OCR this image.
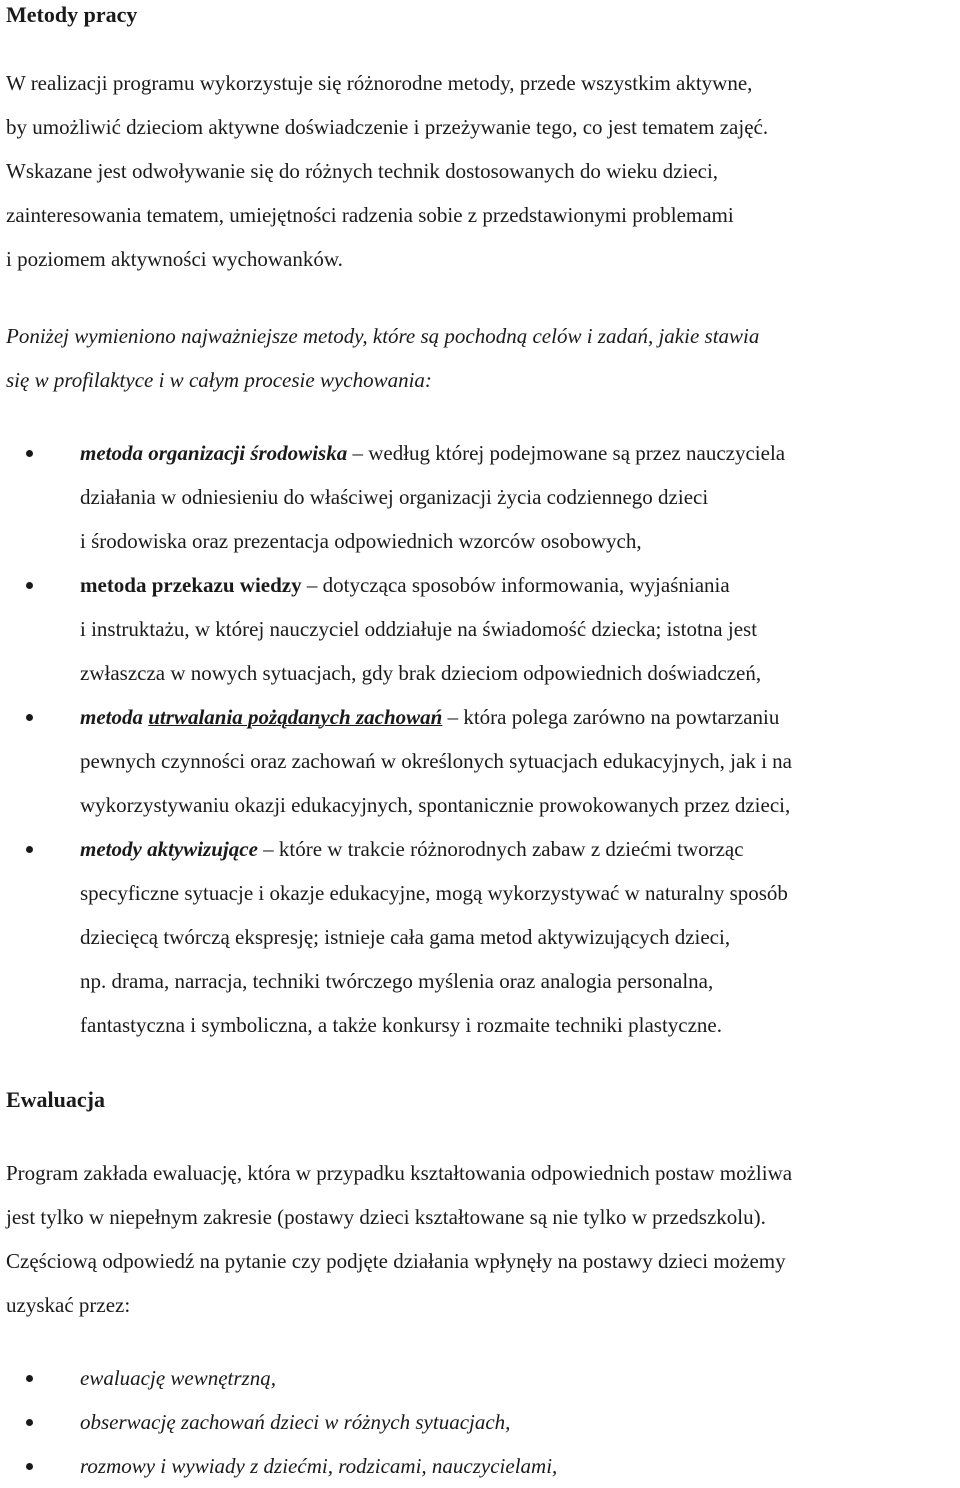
Metody pracy

W realizacji programu wykorzystuje się różnorodne metody, przede wszystkim aktywne,
by umożliwić dzieciom aktywne doświadczenie i przeżywanie tego, co jest tematem zajęć.
Wskazane jest odwoływanie się do różnych technik dostosowanych do wieku dzieci,
zainteresowania tematem, umiejętności radzenia sobie z przedstawionymi problemami
i poziomem aktywności wychowanków.

Poniżej wymieniono najważniejsze metody, które są pochodną celów i zadań, jakie stawia
się w profilaktyce i w całym procesie wychowania:

metoda organizacji środowiska – według której podejmowane są przez nauczyciela
działania w odniesieniu do właściwej organizacji życia codziennego dzieci
i środowiska oraz prezentacja odpowiednich wzorców osobowych,
metoda przekazu wiedzy – dotycząca sposobów informowania, wyjaśniania
i instruktażu, w której nauczyciel oddziałuje na świadomość dziecka; istotna jest
zwłaszcza w nowych sytuacjach, gdy brak dzieciom odpowiednich doświadczeń,
metoda utrwalania pożądanych zachowań – która polega zarówno na powtarzaniu
pewnych czynności oraz zachowań w określonych sytuacjach edukacyjnych, jak i na
wykorzystywaniu okazji edukacyjnych, spontanicznie prowokowanych przez dzieci,
metody aktywizujące – które w trakcie różnorodnych zabaw z dziećmi tworząc
specyficzne sytuacje i okazje edukacyjne, mogą wykorzystywać w naturalny sposób
dziecięcą twórczą ekspresję; istnieje cała gama metod aktywizujących dzieci,
np. drama, narracja, techniki twórczego myślenia oraz analogia personalna,
fantastyczna i symboliczna, a także konkursy i rozmaite techniki plastyczne.
Ewaluacja

Program zakłada ewaluację, która w przypadku kształtowania odpowiednich postaw możliwa
jest tylko w niepełnym zakresie (postawy dzieci kształtowane są nie tylko w przedszkolu).
Częściową odpowiedź na pytanie czy podjęte działania wpłynęły na postawy dzieci możemy
uzyskać przez:

ewaluację wewnętrzną,
obserwację zachowań dzieci w różnych sytuacjach,
rozmowy i wywiady z dziećmi, rodzicami, nauczycielami,
